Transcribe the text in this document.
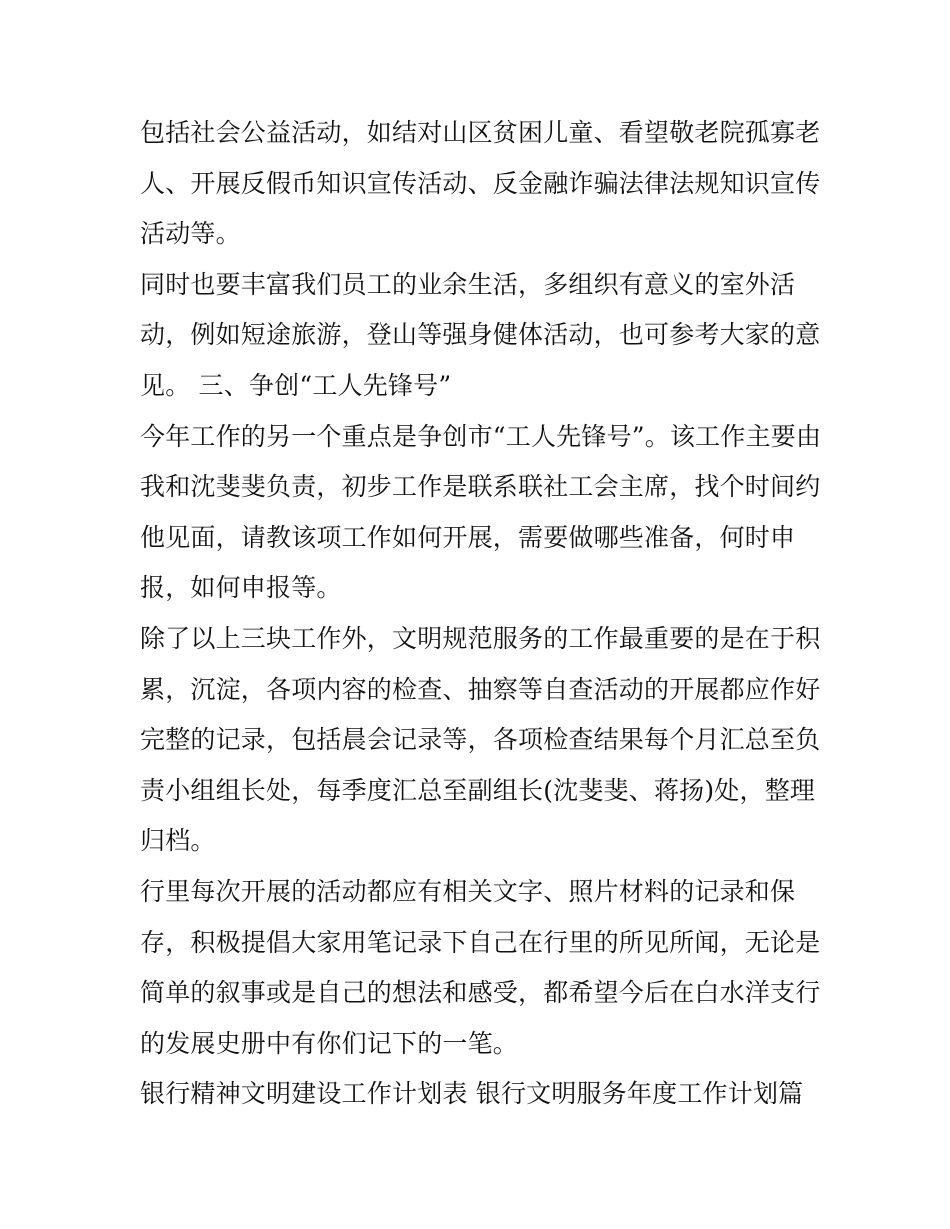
包括社会公益活动，如结对山区贫困儿童、看望敬老院孤寡老
人、开展反假币知识宣传活动、反金融诈骗法律法规知识宣传
活动等。
同时也要丰富我们员工的业余生活，多组织有意义的室外活
动，例如短途旅游，登山等强身健体活动，也可参考大家的意
见。 三、争创“工人先锋号”
今年工作的另一个重点是争创市“工人先锋号”。该工作主要由
我和沈斐斐负责，初步工作是联系联社工会主席，找个时间约
他见面，请教该项工作如何开展，需要做哪些准备，何时申
报，如何申报等。
除了以上三块工作外，文明规范服务的工作最重要的是在于积
累，沉淀，各项内容的检查、抽察等自查活动的开展都应作好
完整的记录，包括晨会记录等，各项检查结果每个月汇总至负
责小组组长处，每季度汇总至副组长(沈斐斐、蒋扬)处，整理
归档。
行里每次开展的活动都应有相关文字、照片材料的记录和保
存，积极提倡大家用笔记录下自己在行里的所见所闻，无论是
简单的叙事或是自己的想法和感受，都希望今后在白水洋支行
的发展史册中有你们记下的一笔。
银行精神文明建设工作计划表 银行文明服务年度工作计划篇
